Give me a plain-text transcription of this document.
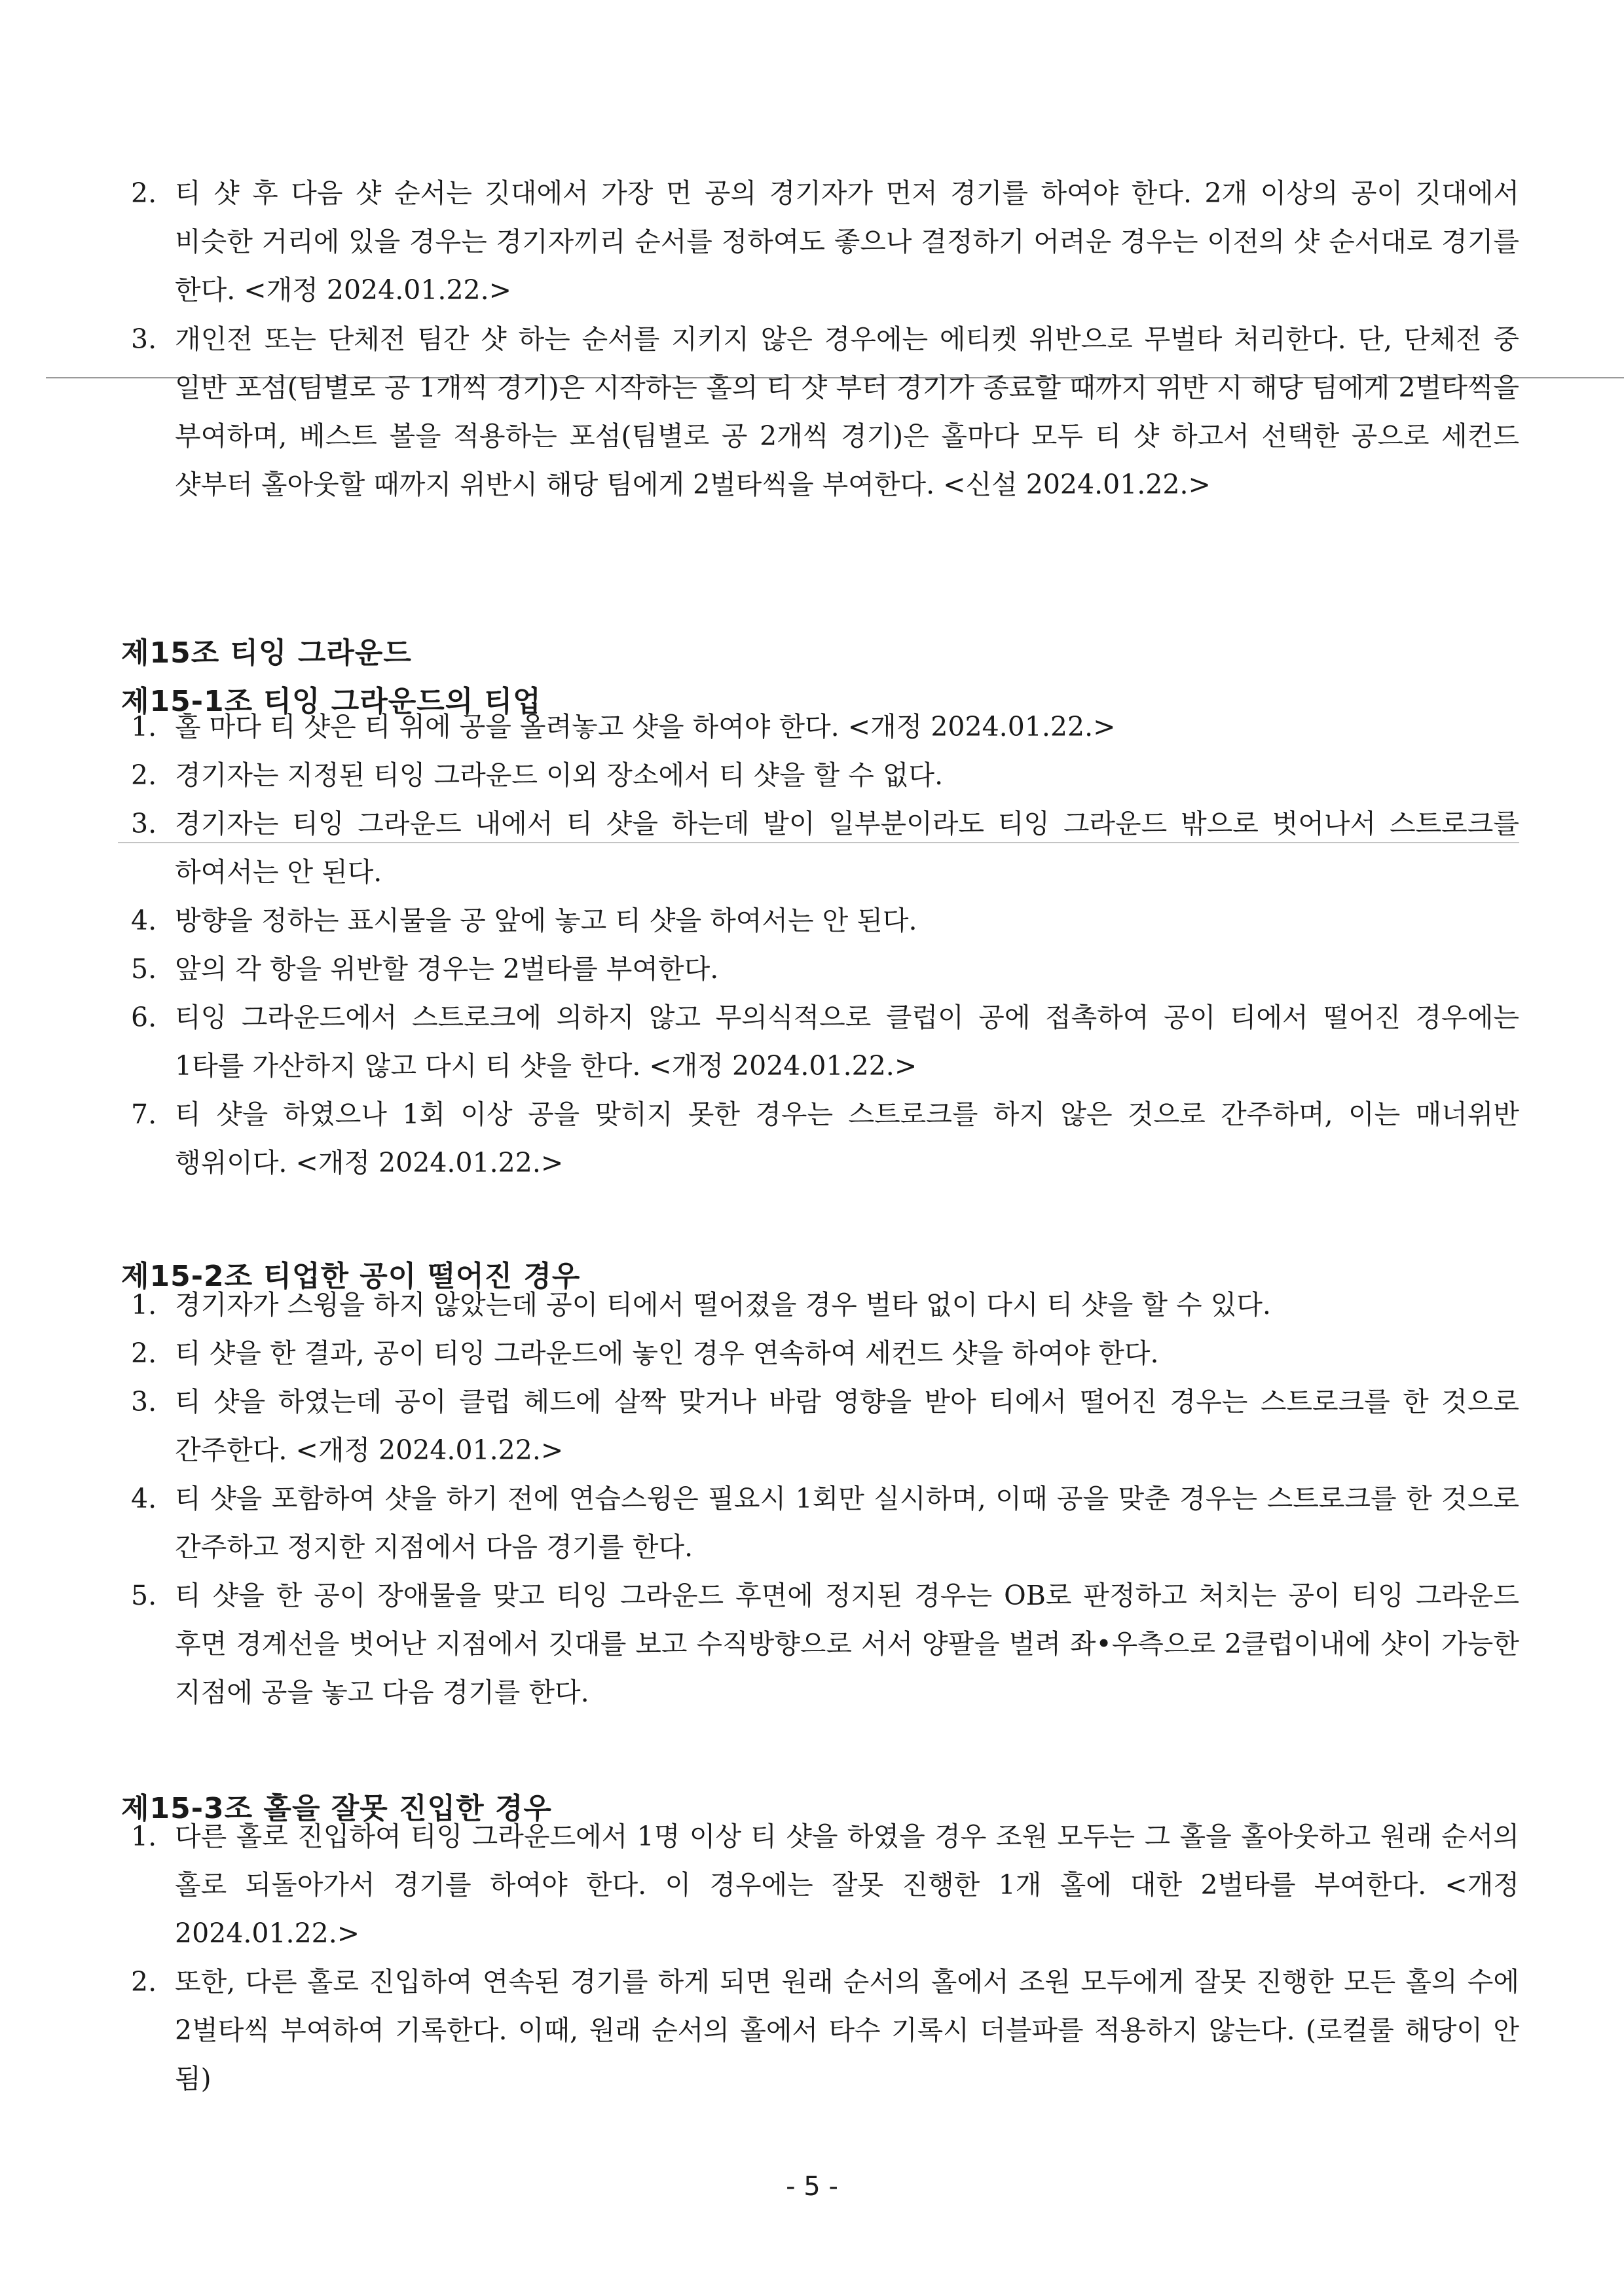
2. 티 샷 후 다음 샷 순서는 깃대에서 가장 먼 공의 경기자가 먼저 경기를 하여야 한다. 2개 이상의 공이 깃대에서 비슷한 거리에 있을 경우는 경기자끼리 순서를 정하여도 좋으나 결정하기 어려운 경우는 이전의 샷 순서대로 경기를 한다. <개정 2024.01.22.>
3. 개인전 또는 단체전 팀간 샷 하는 순서를 지키지 않은 경우에는 에티켓 위반으로 무벌타 처리한다. 단, 단체전 중 일반 포섬(팀별로 공 1개씩 경기)은 시작하는 홀의 티 샷 부터 경기가 종료할 때까지 위반 시 해당 팀에게 2벌타씩을 부여하며, 베스트 볼을 적용하는 포섬(팀별로 공 2개씩 경기)은 홀마다 모두 티 샷 하고서 선택한 공으로 세컨드 샷부터 홀아웃할 때까지 위반시 해당 팀에게 2벌타씩을 부여한다. <신설 2024.01.22.>
제15조 티잉 그라운드
제15-1조 티잉 그라운드의 티업
1. 홀 마다 티 샷은 티 위에 공을 올려놓고 샷을 하여야 한다. <개정 2024.01.22.>
2. 경기자는 지정된 티잉 그라운드 이외 장소에서 티 샷을 할 수 없다.
3. 경기자는 티잉 그라운드 내에서 티 샷을 하는데 발이 일부분이라도 티잉 그라운드 밖으로 벗어나서 스트로크를 하여서는 안 된다.
4. 방향을 정하는 표시물을 공 앞에 놓고 티 샷을 하여서는 안 된다.
5. 앞의 각 항을 위반할 경우는 2벌타를 부여한다.
6. 티잉 그라운드에서 스트로크에 의하지 않고 무의식적으로 클럽이 공에 접촉하여 공이 티에서 떨어진 경우에는 1타를 가산하지 않고 다시 티 샷을 한다. <개정 2024.01.22.>
7. 티 샷을 하였으나 1회 이상 공을 맞히지 못한 경우는 스트로크를 하지 않은 것으로 간주하며, 이는 매너위반 행위이다. <개정 2024.01.22.>
제15-2조 티업한 공이 떨어진 경우
1. 경기자가 스윙을 하지 않았는데 공이 티에서 떨어졌을 경우 벌타 없이 다시 티 샷을 할 수 있다.
2. 티 샷을 한 결과, 공이 티잉 그라운드에 놓인 경우 연속하여 세컨드 샷을 하여야 한다.
3. 티 샷을 하였는데 공이 클럽 헤드에 살짝 맞거나 바람 영향을 받아 티에서 떨어진 경우는 스트로크를 한 것으로 간주한다. <개정 2024.01.22.>
4. 티 샷을 포함하여 샷을 하기 전에 연습스윙은 필요시 1회만 실시하며, 이때 공을 맞춘 경우는 스트로크를 한 것으로 간주하고 정지한 지점에서 다음 경기를 한다.
5. 티 샷을 한 공이 장애물을 맞고 티잉 그라운드 후면에 정지된 경우는 OB로 판정하고 처치는 공이 티잉 그라운드 후면 경계선을 벗어난 지점에서 깃대를 보고 수직방향으로 서서 양팔을 벌려 좌•우측으로 2클럽이내에 샷이 가능한 지점에 공을 놓고 다음 경기를 한다.
제15-3조 홀을 잘못 진입한 경우
1. 다른 홀로 진입하여 티잉 그라운드에서 1명 이상 티 샷을 하였을 경우 조원 모두는 그 홀을 홀아웃하고 원래 순서의 홀로 되돌아가서 경기를 하여야 한다. 이 경우에는 잘못 진행한 1개 홀에 대한 2벌타를 부여한다. <개정 2024.01.22.>
2. 또한, 다른 홀로 진입하여 연속된 경기를 하게 되면 원래 순서의 홀에서 조원 모두에게 잘못 진행한 모든 홀의 수에 2벌타씩 부여하여 기록한다. 이때, 원래 순서의 홀에서 타수 기록시 더블파를 적용하지 않는다. (로컬룰 해당이 안 됨)
- 5 -
